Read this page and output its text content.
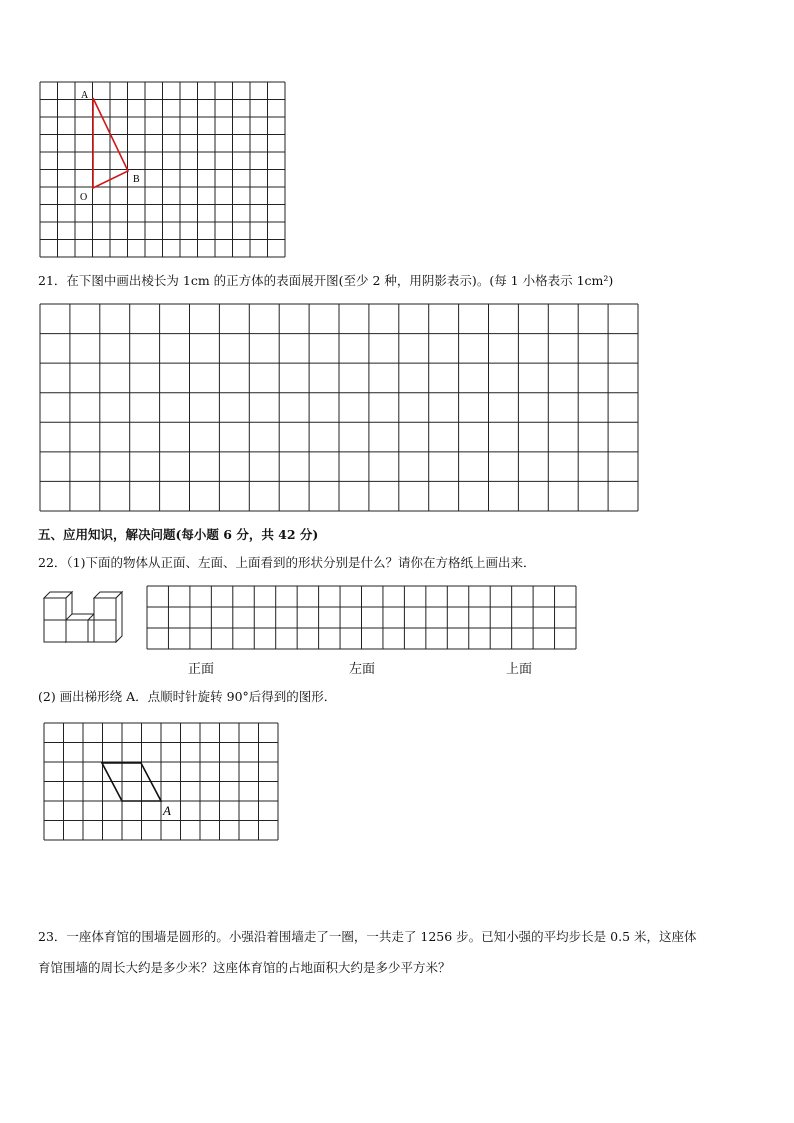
A
B
O
21．在下图中画出棱长为 1cm 的正方体的表面展开图(至少 2 种，用阴影表示)。(每 1 小格表示 1cm²)
五、应用知识，解决问题(每小题 6 分，共 42 分)
22．（1)下面的物体从正面、左面、上面看到的形状分别是什么？请你在方格纸上画出来．
正面	左面	上面
(2) 画出梯形绕 A．点顺时针旋转 90°后得到的图形．
A
23．一座体育馆的围墙是圆形的。小强沿着围墙走了一圈，一共走了 1256 步。已知小强的平均步长是 0.5 米，这座体
育馆围墙的周长大约是多少米？这座体育馆的占地面积大约是多少平方米？
